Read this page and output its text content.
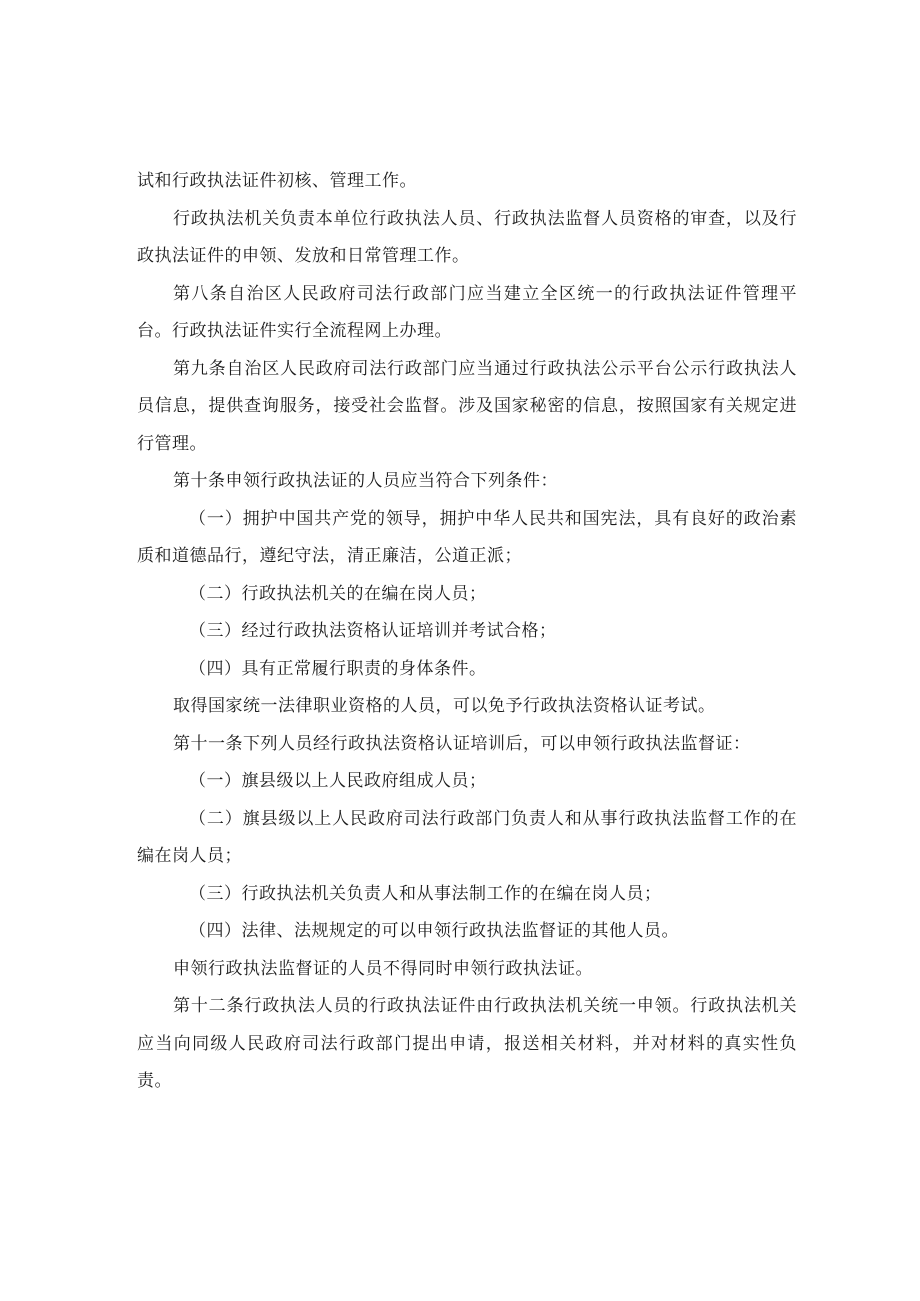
试和行政执法证件初核、管理工作。

行政执法机关负责本单位行政执法人员、行政执法监督人员资格的审查，以及行政执法证件的申领、发放和日常管理工作。

第八条自治区人民政府司法行政部门应当建立全区统一的行政执法证件管理平台。行政执法证件实行全流程网上办理。

第九条自治区人民政府司法行政部门应当通过行政执法公示平台公示行政执法人员信息，提供查询服务，接受社会监督。涉及国家秘密的信息，按照国家有关规定进行管理。

第十条申领行政执法证的人员应当符合下列条件：

（一）拥护中国共产党的领导，拥护中华人民共和国宪法，具有良好的政治素质和道德品行，遵纪守法，清正廉洁，公道正派；

（二）行政执法机关的在编在岗人员；

（三）经过行政执法资格认证培训并考试合格；

（四）具有正常履行职责的身体条件。

取得国家统一法律职业资格的人员，可以免予行政执法资格认证考试。

第十一条下列人员经行政执法资格认证培训后，可以申领行政执法监督证：

（一）旗县级以上人民政府组成人员；

（二）旗县级以上人民政府司法行政部门负责人和从事行政执法监督工作的在编在岗人员；

（三）行政执法机关负责人和从事法制工作的在编在岗人员；

（四）法律、法规规定的可以申领行政执法监督证的其他人员。

申领行政执法监督证的人员不得同时申领行政执法证。

第十二条行政执法人员的行政执法证件由行政执法机关统一申领。行政执法机关应当向同级人民政府司法行政部门提出申请，报送相关材料，并对材料的真实性负责。
